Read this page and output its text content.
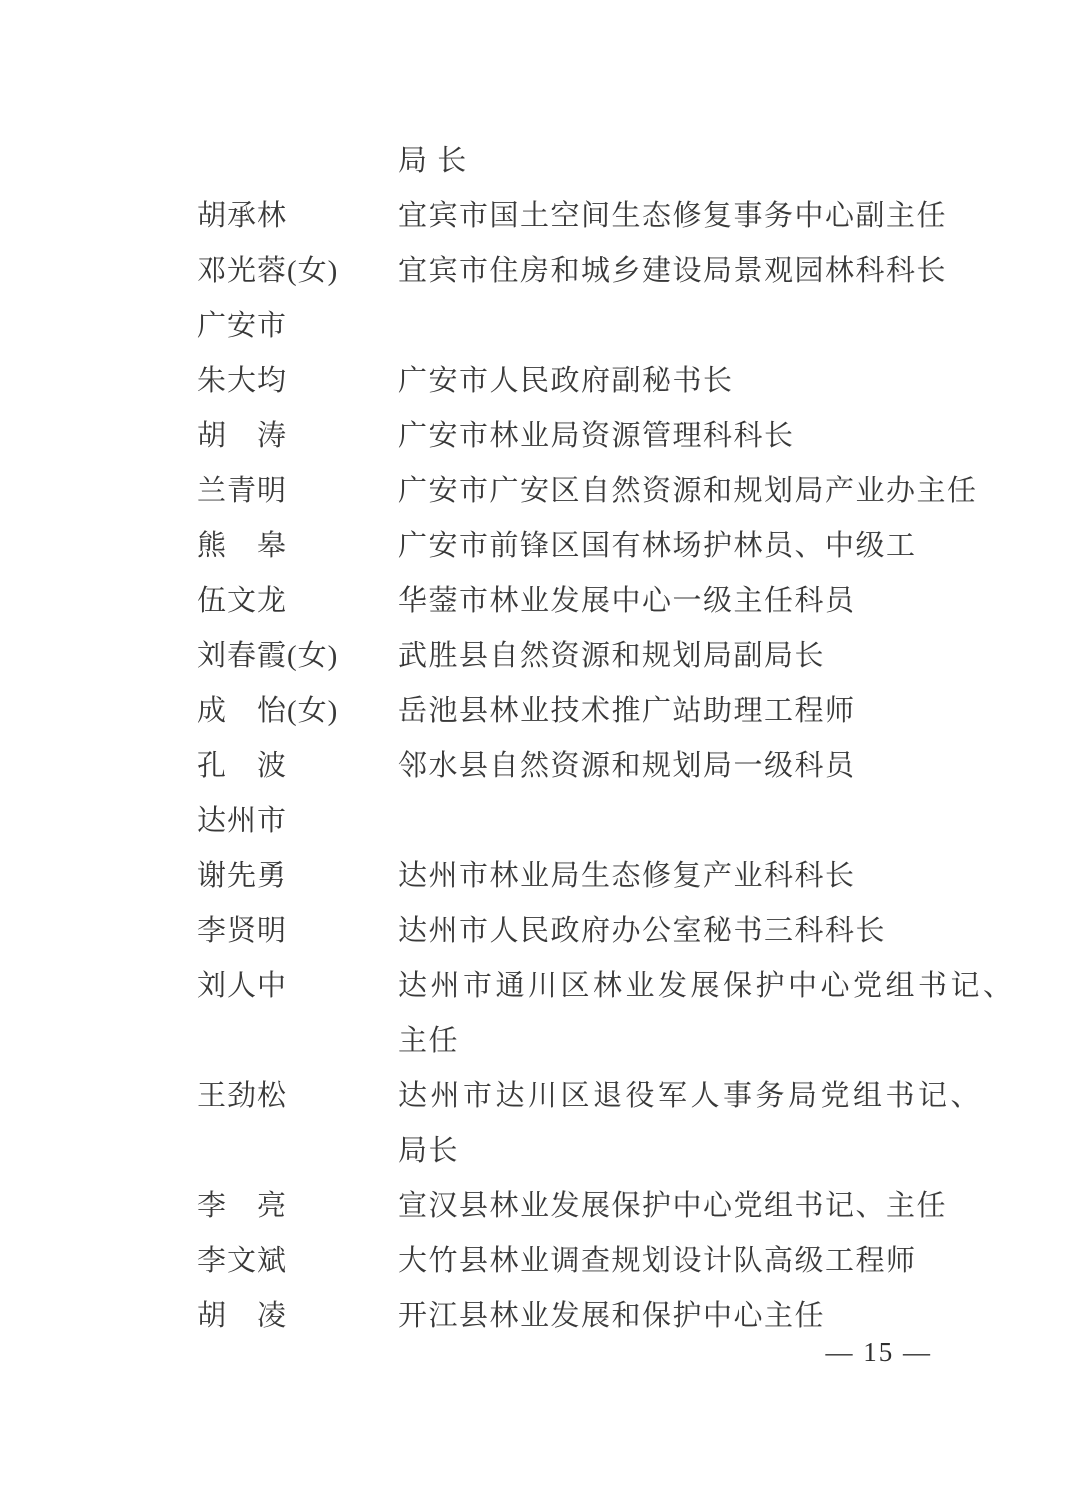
局 长
胡承林	宜宾市国土空间生态修复事务中心副主任
邓光蓉(女)	宜宾市住房和城乡建设局景观园林科科长
广安市
朱大均	广安市人民政府副秘书长
胡　涛	广安市林业局资源管理科科长
兰青明	广安市广安区自然资源和规划局产业办主任
熊　皋	广安市前锋区国有林场护林员、中级工
伍文龙	华蓥市林业发展中心一级主任科员
刘春霞(女)	武胜县自然资源和规划局副局长
成　怡(女)	岳池县林业技术推广站助理工程师
孔　波	邻水县自然资源和规划局一级科员
达州市
谢先勇	达州市林业局生态修复产业科科长
李贤明	达州市人民政府办公室秘书三科科长
刘人中	达州市通川区林业发展保护中心党组书记、
主任
王劲松	达州市达川区退役军人事务局党组书记、
局长
李　亮	宣汉县林业发展保护中心党组书记、主任
李文斌	大竹县林业调查规划设计队高级工程师
胡　凌	开江县林业发展和保护中心主任
— 15 —
